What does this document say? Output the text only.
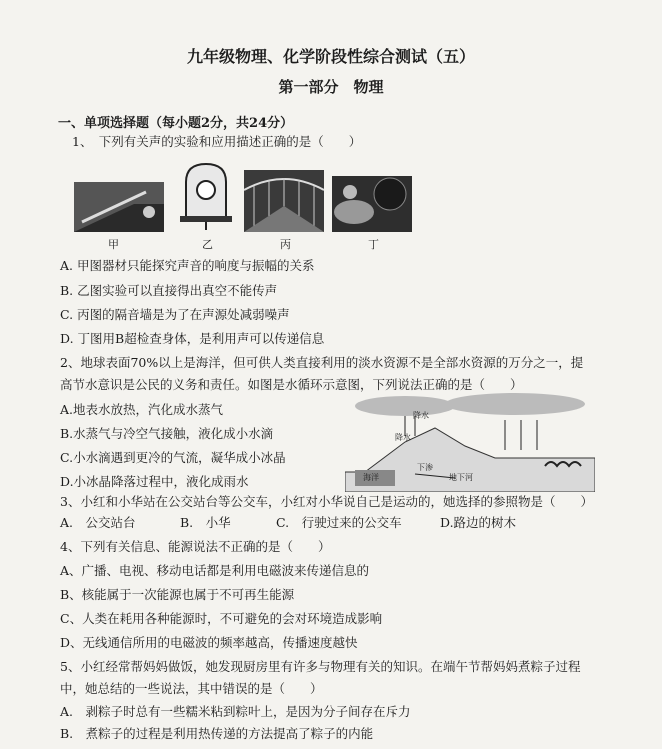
九年级物理、化学阶段性综合测试（五）
第一部分　物理
一、单项选择题（每小题2分，共24分）
1、　下列有关声的实验和应用描述正确的是（　　）
甲	乙	丙	丁
A. 甲图器材只能探究声音的响度与振幅的关系
B. 乙图实验可以直接得出真空不能传声
C. 丙图的隔音墙是为了在声源处减弱噪声
D. 丁图用B超检查身体，是利用声可以传递信息
2、地球表面70%以上是海洋，但可供人类直接利用的淡水资源不是全部水资源的万分之一，提
高节水意识是公民的义务和责任。如图是水循环示意图，下列说法正确的是（　　）
A.地表水放热，汽化成水蒸气
B.水蒸气与冷空气接触，液化成小水滴
C.小水滴遇到更冷的气流，凝华成小冰晶
D.小冰晶降落过程中，液化成雨水
降水
降水
海洋
下渗
地下河
3、小红和小华站在公交站台等公交车，小红对小华说自己是运动的，她选择的参照物是（　　）
A.　公交站台	B.　小华	C.　行驶过来的公交车	D.路边的树木
4、下列有关信息、能源说法不正确的是（　　）
A、广播、电视、移动电话都是利用电磁波来传递信息的
B、核能属于一次能源也属于不可再生能源
C、人类在耗用各种能源时，不可避免的会对环境造成影响
D、无线通信所用的电磁波的频率越高，传播速度越快
5、小红经常帮妈妈做饭，她发现厨房里有许多与物理有关的知识。在端午节帮妈妈煮粽子过程
中，她总结的一些说法，其中错误的是（　　）
A.　剥粽子时总有一些糯米粘到粽叶上，是因为分子间存在斥力
B.　煮粽子的过程是利用热传递的方法提高了粽子的内能
